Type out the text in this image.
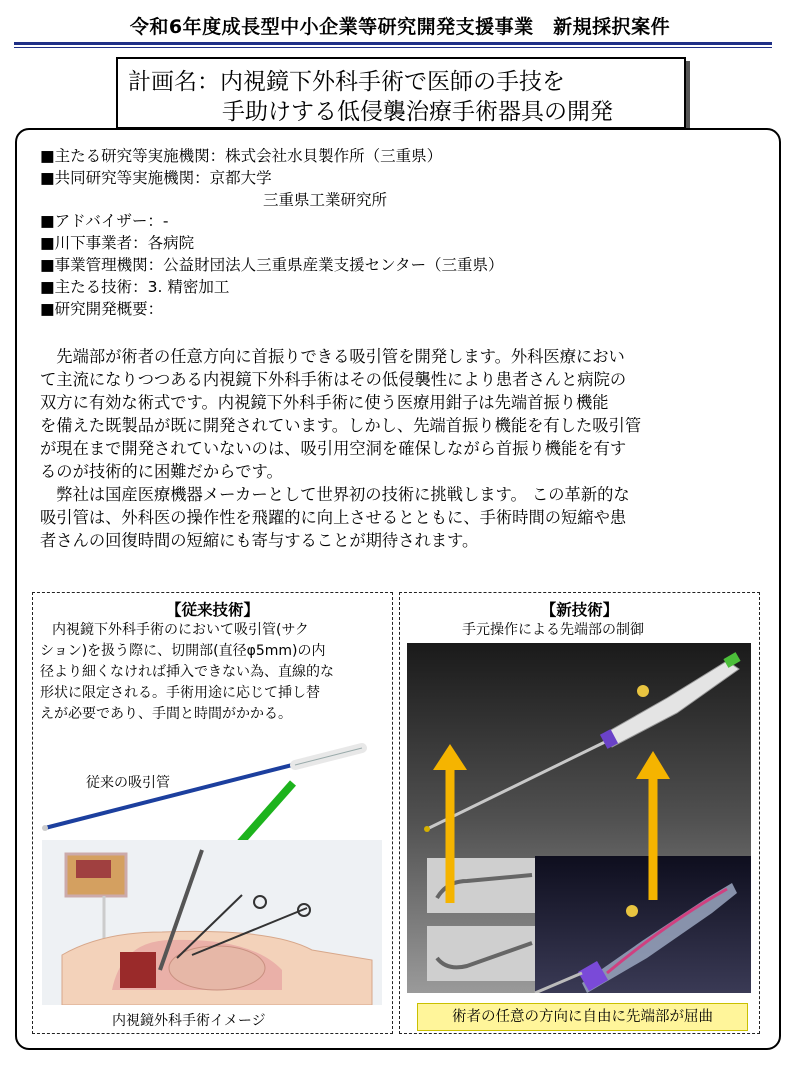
令和6年度成長型中小企業等研究開発支援事業　新規採択案件
計画名：内視鏡下外科手術で医師の手技を
手助けする低侵襲治療手術器具の開発
■主たる研究等実施機関：株式会社水貝製作所（三重県）
■共同研究等実施機関：京都大学
三重県工業研究所
■アドバイザー：-
■川下事業者：各病院
■事業管理機関：公益財団法人三重県産業支援センター（三重県）
■主たる技術：3. 精密加工
■研究開発概要：
　先端部が術者の任意方向に首振りできる吸引管を開発します。外科医療におい
て主流になりつつある内視鏡下外科手術はその低侵襲性により患者さんと病院の
双方に有効な術式です。内視鏡下外科手術に使う医療用鉗子は先端首振り機能
を備えた既製品が既に開発されています。しかし、先端首振り機能を有した吸引管
が現在まで開発されていないのは、吸引用空洞を確保しながら首振り機能を有す
るのが技術的に困難だからです。
　弊社は国産医療機器メーカーとして世界初の技術に挑戦します。 この革新的な
吸引管は、外科医の操作性を飛躍的に向上させるとともに、手術時間の短縮や患
者さんの回復時間の短縮にも寄与することが期待されます。
【従来技術】
内視鏡下外科手術のにおいて吸引管(サク
ション)を扱う際に、切開部(直径φ5mm)の内
径より細くなければ挿入できない為、直線的な
形状に限定される。手術用途に応じて挿し替
えが必要であり、手間と時間がかかる。
従来の吸引管
内視鏡外科手術イメージ
【新技術】
手元操作による先端部の制御
術者の任意の方向に自由に先端部が屈曲
